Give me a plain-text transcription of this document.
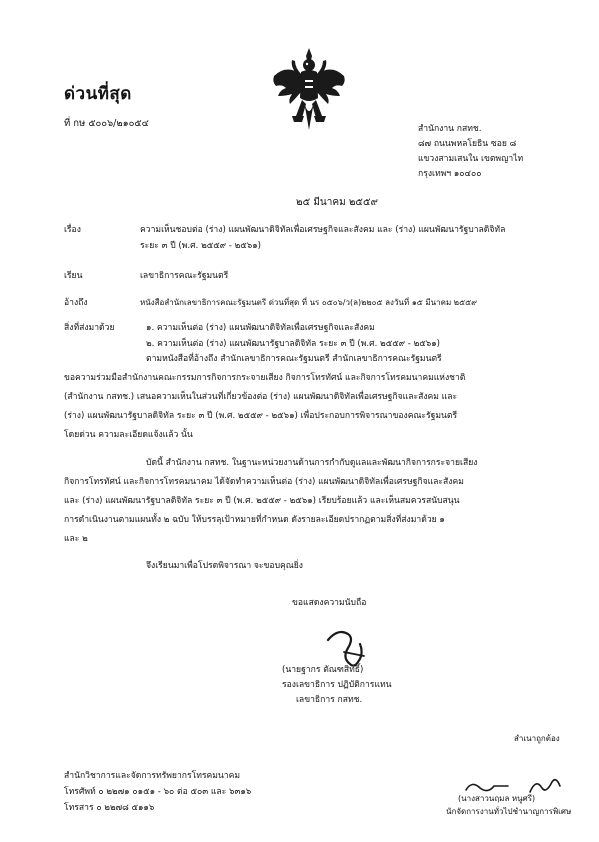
ด่วนที่สุด
ที่ กษ ๕๐๐๖/๒๑๐๕๔	สำนักงาน กสทช.
๘๗ ถนนพหลโยธิน ซอย ๘
แขวงสามเสนใน เขตพญาไท
กรุงเทพฯ ๑๐๔๐๐
๒๕ มีนาคม ๒๕๕๙
เรื่อง	ความเห็นชอบต่อ (ร่าง) แผนพัฒนาดิจิทัลเพื่อเศรษฐกิจและสังคม และ (ร่าง) แผนพัฒนารัฐบาลดิจิทัล
ระยะ ๓ ปี (พ.ศ. ๒๕๕๙ - ๒๕๖๑)
เรียน	เลขาธิการคณะรัฐมนตรี
อ้างถึง	หนังสือสำนักเลขาธิการคณะรัฐมนตรี ด่วนที่สุด ที่ นร ๐๕๐๖/ว(ล)๒๒๐๕ ลงวันที่ ๑๕ มีนาคม ๒๕๕๙
สิ่งที่ส่งมาด้วย	๑. ความเห็นต่อ (ร่าง) แผนพัฒนาดิจิทัลเพื่อเศรษฐกิจและสังคม
๒. ความเห็นต่อ (ร่าง) แผนพัฒนารัฐบาลดิจิทัล ระยะ ๓ ปี (พ.ศ. ๒๕๕๙ - ๒๕๖๑)
ตามหนังสือที่อ้างถึง สำนักเลขาธิการคณะรัฐมนตรี สำนักเลขาธิการคณะรัฐมนตรี
ขอความร่วมมือสำนักงานคณะกรรมการกิจการกระจายเสียง กิจการโทรทัศน์ และกิจการโทรคมนาคมแห่งชาติ
(สำนักงาน กสทช.) เสนอความเห็นในส่วนที่เกี่ยวข้องต่อ (ร่าง) แผนพัฒนาดิจิทัลเพื่อเศรษฐกิจและสังคม และ
(ร่าง) แผนพัฒนารัฐบาลดิจิทัล ระยะ ๓ ปี (พ.ศ. ๒๕๕๙ - ๒๕๖๑) เพื่อประกอบการพิจารณาของคณะรัฐมนตรี
โดยด่วน ความละเอียดแจ้งแล้ว นั้น
บัดนี้ สำนักงาน กสทช. ในฐานะหน่วยงานด้านการกำกับดูแลและพัฒนากิจการกระจายเสียง
กิจการโทรทัศน์ และกิจการโทรคมนาคม ได้จัดทำความเห็นต่อ (ร่าง) แผนพัฒนาดิจิทัลเพื่อเศรษฐกิจและสังคม
และ (ร่าง) แผนพัฒนารัฐบาลดิจิทัล ระยะ ๓ ปี (พ.ศ. ๒๕๕๙ - ๒๕๖๑) เรียบร้อยแล้ว และเห็นสมควรสนับสนุน
การดำเนินงานตามแผนทั้ง ๒ ฉบับ ให้บรรลุเป้าหมายที่กำหนด ดังรายละเอียดปรากฏตามสิ่งที่ส่งมาด้วย ๑
และ ๒
จึงเรียนมาเพื่อโปรดพิจารณา จะขอบคุณยิ่ง
ขอแสดงความนับถือ
(นายฐากร ตัณฑสิทธิ์)
รองเลขาธิการ ปฏิบัติการแทน
เลขาธิการ กสทช.
สำเนาถูกต้อง
(นางสาวนฤมล หนูศรี)
นักจัดการงานทั่วไปชำนาญการพิเศษ
สำนักวิชาการและจัดการทรัพยากรโทรคมนาคม
โทรศัพท์ ๐ ๒๒๗๑ ๐๑๕๑ - ๖๐ ต่อ ๕๐๓ และ ๖๓๑๖
โทรสาร ๐ ๒๒๗๘ ๕๑๑๖
